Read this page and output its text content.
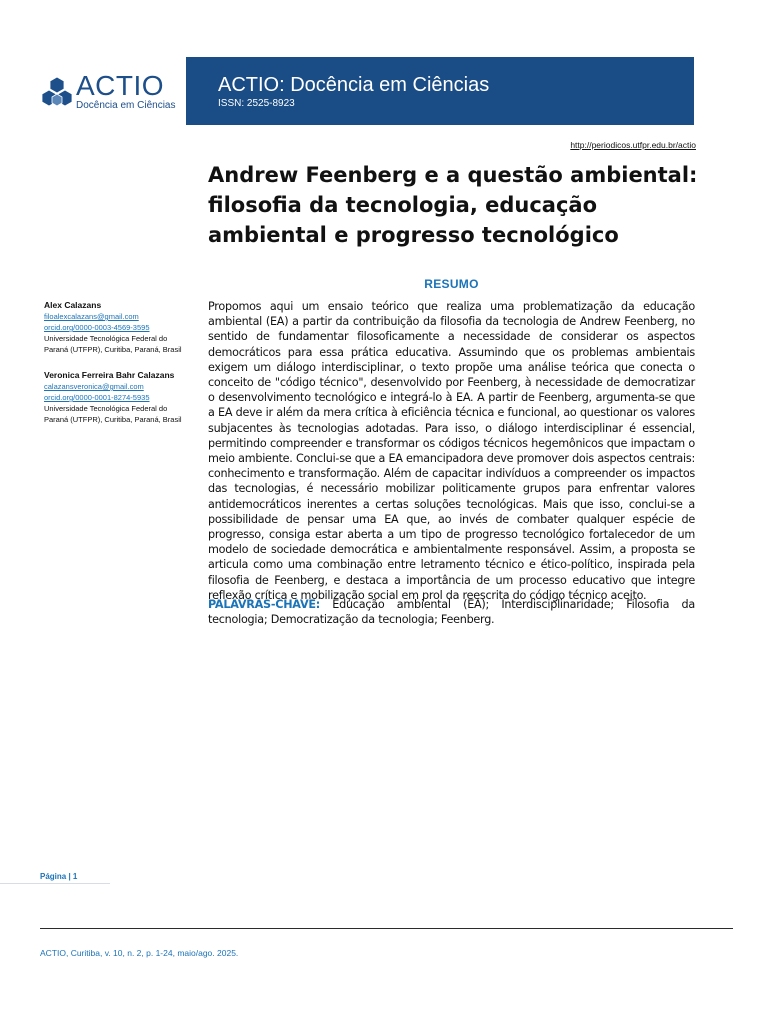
ACTIO
Docência em Ciências
ACTIO: Docência em Ciências
ISSN: 2525-8923
http://periodicos.utfpr.edu.br/actio
Andrew Feenberg e a questão ambiental: filosofia da tecnologia, educação ambiental e progresso tecnológico
RESUMO

Propomos aqui um ensaio teórico que realiza uma problematização da educação ambiental (EA) a partir da contribuição da filosofia da tecnologia de Andrew Feenberg, no sentido de fundamentar filosoficamente a necessidade de considerar os aspectos democráticos para essa prática educativa. Assumindo que os problemas ambientais exigem um diálogo interdisciplinar, o texto propõe uma análise teórica que conecta o conceito de "código técnico", desenvolvido por Feenberg, à necessidade de democratizar o desenvolvimento tecnológico e integrá-lo à EA. A partir de Feenberg, argumenta-se que a EA deve ir além da mera crítica à eficiência técnica e funcional, ao questionar os valores subjacentes às tecnologias adotadas. Para isso, o diálogo interdisciplinar é essencial, permitindo compreender e transformar os códigos técnicos hegemônicos que impactam o meio ambiente. Conclui-se que a EA emancipadora deve promover dois aspectos centrais: conhecimento e transformação. Além de capacitar indivíduos a compreender os impactos das tecnologias, é necessário mobilizar politicamente grupos para enfrentar valores antidemocráticos inerentes a certas soluções tecnológicas. Mais que isso, conclui-se a possibilidade de pensar uma EA que, ao invés de combater qualquer espécie de progresso, consiga estar aberta a um tipo de progresso tecnológico fortalecedor de um modelo de sociedade democrática e ambientalmente responsável. Assim, a proposta se articula como uma combinação entre letramento técnico e ético-político, inspirada pela filosofia de Feenberg, e destaca a importância de um processo educativo que integre reflexão crítica e mobilização social em prol da reescrita do código técnico aceito.

PALAVRAS-CHAVE: Educação ambiental (EA); Interdisciplinaridade; Filosofia da tecnologia; Democratização da tecnologia; Feenberg.

Alex Calazans
filoalexcalazans@gmail.com
orcid.org/0000-0003-4569-3595
Universidade Tecnológica Federal do Paraná (UTFPR), Curitiba, Paraná, Brasil
Veronica Ferreira Bahr Calazans
calazansveronica@gmail.com
orcid.org/0000-0001-8274-5935
Universidade Tecnológica Federal do Paraná (UTFPR), Curitiba, Paraná, Brasil
Página | 1
ACTIO, Curitiba, v. 10, n. 2, p. 1-24, maio/ago. 2025.
